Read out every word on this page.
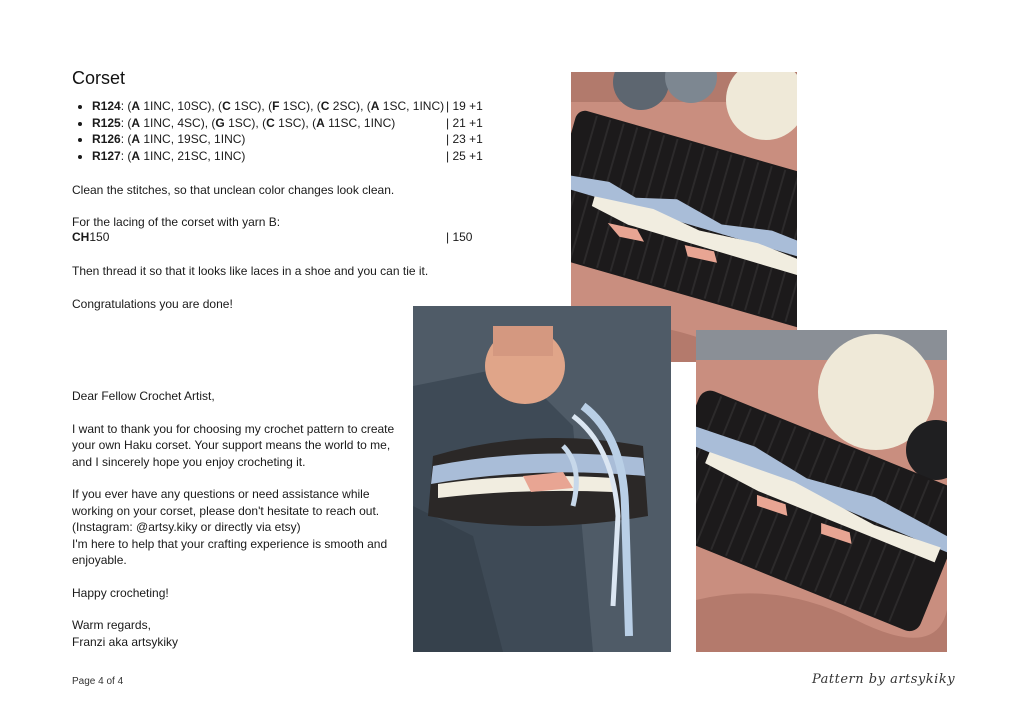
Corset
• R124: (A 1INC, 10SC), (C 1SC), (F 1SC), (C 2SC), (A 1SC, 1INC) | 19 +1
• R125: (A 1INC, 4SC), (G 1SC), (C 1SC), (A 11SC, 1INC)	| 21 +1
• R126: (A 1INC, 19SC, 1INC)	| 23 +1
• R127: (A 1INC, 21SC, 1INC)	| 25 +1

Clean the stitches, so that unclean color changes look clean.

For the lacing of the corset with yarn B:

CH150	| 150

Then thread it so that it looks like laces in a shoe and you can tie it.

Congratulations you are done!

Dear Fellow Crochet Artist,

I want to thank you for choosing my crochet pattern to create your own Haku corset. Your support means the world to me, and I sincerely hope you enjoy crocheting it.

If you ever have any questions or need assistance while working on your corset, please don't hesitate to reach out.
(Instagram: @artsy.kiky or directly via etsy)
I'm here to help that your crafting experience is smooth and enjoyable.

Happy crocheting!

Warm regards,

Franzi aka artsykiky

Page 4 of 4	Pattern by artsykiky
